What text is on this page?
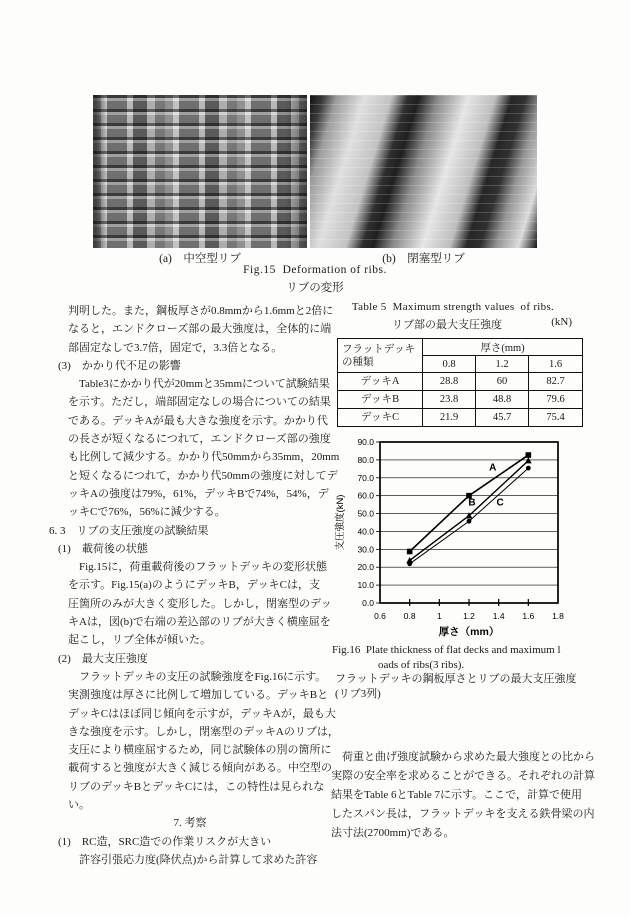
(a)　中空型リブ	(b)　閉塞型リブ
Fig.15  Deformation of ribs.
リブの変形
判明した。また，鋼板厚さが0.8mmから1.6mmと2倍に
なると，エンドクローズ部の最大強度は，全体的に端
部固定なしで3.7倍，固定で，3.3倍となる。
(3)　かかり代不足の影響
　Table3にかかり代が20mmと35mmについて試験結果
を示す。ただし，端部固定なしの場合についての結果
である。デッキAが最も大きな強度を示す。かかり代
の長さが短くなるにつれて，エンドクローズ部の強度
も比例して減少する。かかり代50mmから35mm，20mm
と短くなるにつれて，かかり代50mmの強度に対してデ
ッキAの強度は79%，61%，デッキBで74%，54%，デ
ッキCで76%，56%に減少する。
6. 3　リブの支圧強度の試験結果
(1)　載荷後の状態
　Fig.15に，荷重載荷後のフラットデッキの変形状態
を示す。Fig.15(a)のようにデッキB，デッキCは，支
圧箇所のみが大きく変形した。しかし，閉塞型のデッ
キAは，図(b)で右端の差込部のリブが大きく横座屈を
起こし，リブ全体が傾いた。
(2)　最大支圧強度
　フラットデッキの支圧の試験強度をFig.16に示す。
実測強度は厚さに比例して増加している。デッキBと
デッキCはほぼ同じ傾向を示すが，デッキAが，最も大
きな強度を示す。しかし，閉塞型のデッキAのリブは，
支圧により横座屈するため，同じ試験体の別の箇所に
載荷すると強度が大きく減じる傾向がある。中空型の
リブのデッキBとデッキCには，この特性は見られな
い。
7. 考察
(1)　RC造，SRC造での作業リスクが大きい
　許容引張応力度(降伏点)から計算して求めた許容
Table 5  Maximum strength values  of ribs.
リブ部の最大支圧強度	(kN)
フラットデッキ
の種類	厚さ(mm)		
	0.8	1.2	1.6
デッキA	28.8	60	82.7
デッキB	23.8	48.8	79.6
デッキC	21.9	45.7	75.4
90.0
80.0
70.0
60.0
50.0
40.0
30.0
20.0
10.0
0.0
0.6 0.8	1	1.2 1.4 1.6 1.8
A
B C
厚さ（mm）
支圧強度(kN)
Fig.16  Plate thickness of flat decks and maximum l
oads of ribs(3 ribs).
フラットデッキの鋼板厚さとリブの最大支圧強度
(リブ3列)
　荷重と曲げ強度試験から求めた最大強度との比から
実際の安全率を求めることができる。それぞれの計算
結果をTable 6とTable 7に示す。ここで，計算で使用
したスパン長は，フラットデッキを支える鉄骨梁の内
法寸法(2700mm)である。
